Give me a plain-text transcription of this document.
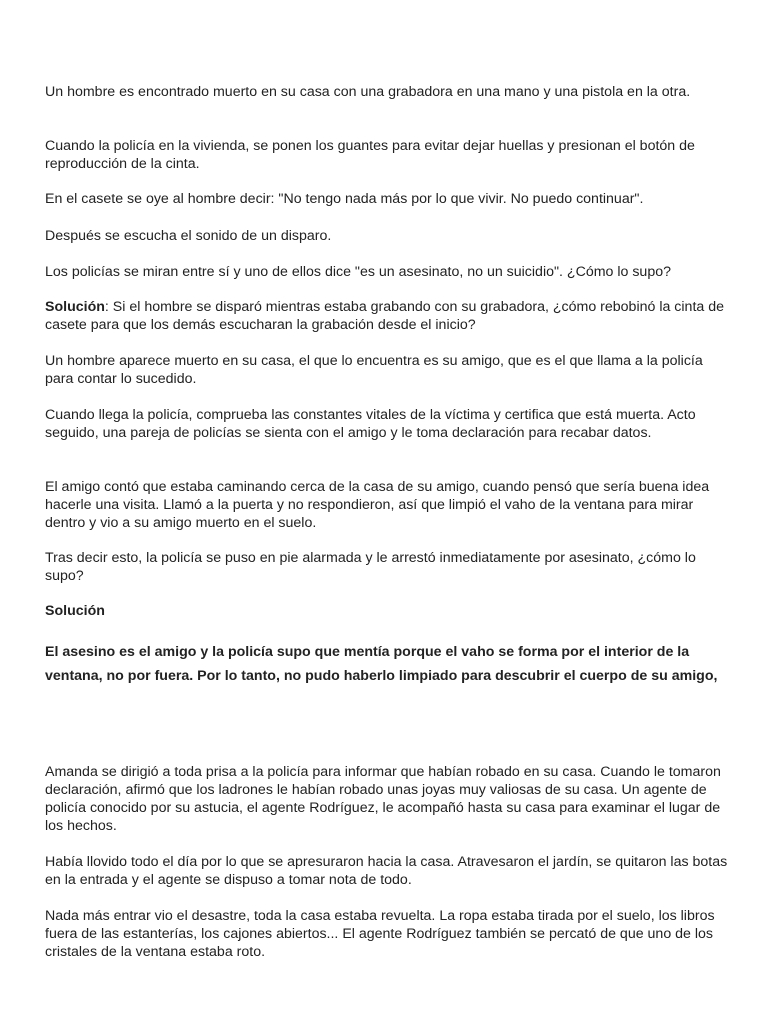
Un hombre es encontrado muerto en su casa con una grabadora en una mano y una pistola en la otra.

Cuando la policía en la vivienda, se ponen los guantes para evitar dejar huellas y presionan el botón de reproducción de la cinta.

En el casete se oye al hombre decir: "No tengo nada más por lo que vivir. No puedo continuar".

Después se escucha el sonido de un disparo.

Los policías se miran entre sí y uno de ellos dice "es un asesinato, no un suicidio". ¿Cómo lo supo?

Solución: Si el hombre se disparó mientras estaba grabando con su grabadora, ¿cómo rebobinó la cinta de casete para que los demás escucharan la grabación desde el inicio?

Un hombre aparece muerto en su casa, el que lo encuentra es su amigo, que es el que llama a la policía para contar lo sucedido.

Cuando llega la policía, comprueba las constantes vitales de la víctima y certifica que está muerta. Acto seguido, una pareja de policías se sienta con el amigo y le toma declaración para recabar datos.

El amigo contó que estaba caminando cerca de la casa de su amigo, cuando pensó que sería buena idea hacerle una visita. Llamó a la puerta y no respondieron, así que limpió el vaho de la ventana para mirar dentro y vio a su amigo muerto en el suelo.

Tras decir esto, la policía se puso en pie alarmada y le arrestó inmediatamente por asesinato, ¿cómo lo supo?

Solución

El asesino es el amigo y la policía supo que mentía porque el vaho se forma por el interior de la ventana, no por fuera. Por lo tanto, no pudo haberlo limpiado para descubrir el cuerpo de su amigo,

Amanda se dirigió a toda prisa a la policía para informar que habían robado en su casa. Cuando le tomaron declaración, afirmó que los ladrones le habían robado unas joyas muy valiosas de su casa. Un agente de policía conocido por su astucia, el agente Rodríguez, le acompañó hasta su casa para examinar el lugar de los hechos.

Había llovido todo el día por lo que se apresuraron hacia la casa. Atravesaron el jardín, se quitaron las botas en la entrada y el agente se dispuso a tomar nota de todo.

Nada más entrar vio el desastre, toda la casa estaba revuelta. La ropa estaba tirada por el suelo, los libros fuera de las estanterías, los cajones abiertos... El agente Rodríguez también se percató de que uno de los cristales de la ventana estaba roto.
